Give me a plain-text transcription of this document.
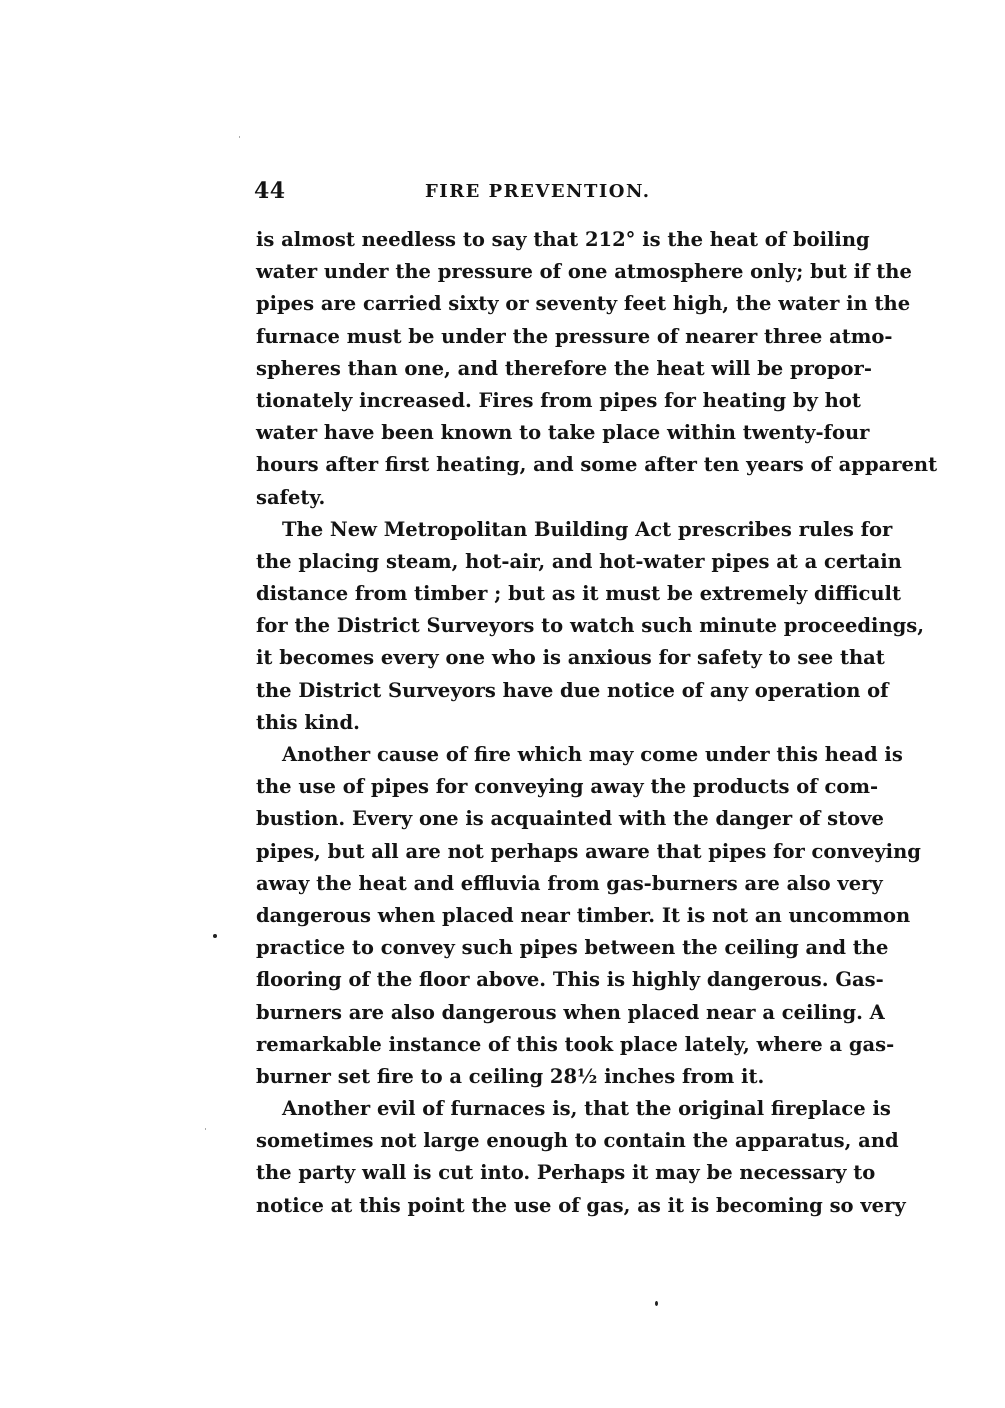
44	FIRE PREVENTION.
is almost needless to say that 212° is the heat of boiling
water under the pressure of one atmosphere only; but if the
pipes are carried sixty or seventy feet high, the water in the
furnace must be under the pressure of nearer three atmo-
spheres than one, and therefore the heat will be propor-
tionately increased. Fires from pipes for heating by hot
water have been known to take place within twenty-four
hours after first heating, and some after ten years of apparent
safety.
The New Metropolitan Building Act prescribes rules for
the placing steam, hot-air, and hot-water pipes at a certain
distance from timber ; but as it must be extremely difficult
for the District Surveyors to watch such minute proceedings,
it becomes every one who is anxious for safety to see that
the District Surveyors have due notice of any operation of
this kind.
Another cause of fire which may come under this head is
the use of pipes for conveying away the products of com-
bustion. Every one is acquainted with the danger of stove
pipes, but all are not perhaps aware that pipes for conveying
away the heat and effluvia from gas-burners are also very
dangerous when placed near timber. It is not an uncommon
practice to convey such pipes between the ceiling and the
flooring of the floor above. This is highly dangerous. Gas-
burners are also dangerous when placed near a ceiling. A
remarkable instance of this took place lately, where a gas-
burner set fire to a ceiling 28½ inches from it.
Another evil of furnaces is, that the original fireplace is
sometimes not large enough to contain the apparatus, and
the party wall is cut into. Perhaps it may be necessary to
notice at this point the use of gas, as it is becoming so very
